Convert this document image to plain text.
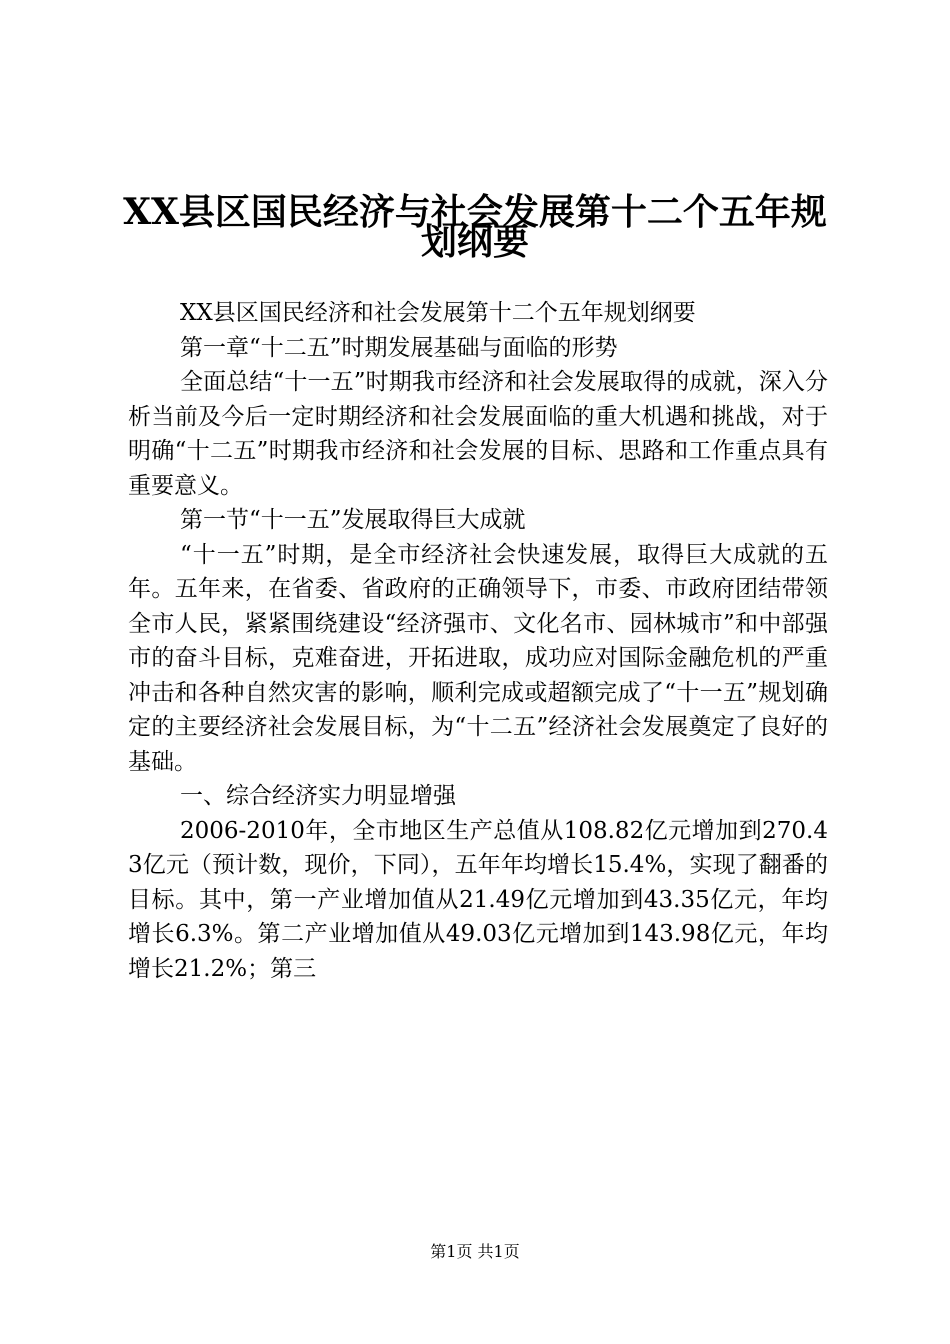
XX县区国民经济与社会发展第十二个五年规
划纲要

XX县区国民经济和社会发展第十二个五年规划纲要

第一章“十二五”时期发展基础与面临的形势

全面总结“十一五”时期我市经济和社会发展取得的成就，深入分析当前及今后一定时期经济和社会发展面临的重大机遇和挑战，对于明确“十二五”时期我市经济和社会发展的目标、思路和工作重点具有重要意义。

第一节“十一五”发展取得巨大成就

“十一五”时期，是全市经济社会快速发展，取得巨大成就的五年。五年来，在省委、省政府的正确领导下，市委、市政府团结带领全市人民，紧紧围绕建设“经济强市、文化名市、园林城市”和中部强市的奋斗目标，克难奋进，开拓进取，成功应对国际金融危机的严重冲击和各种自然灾害的影响，顺利完成或超额完成了“十一五”规划确定的主要经济社会发展目标，为“十二五”经济社会发展奠定了良好的基础。

一、综合经济实力明显增强

2006-2010年，全市地区生产总值从108.82亿元增加到270.43亿元（预计数，现价，下同），五年年均增长15.4%，实现了翻番的目标。其中，第一产业增加值从21.49亿元增加到43.35亿元，年均增长6.3%。第二产业增加值从49.03亿元增加到143.98亿元，年均增长21.2%；第三

第1页 共1页
